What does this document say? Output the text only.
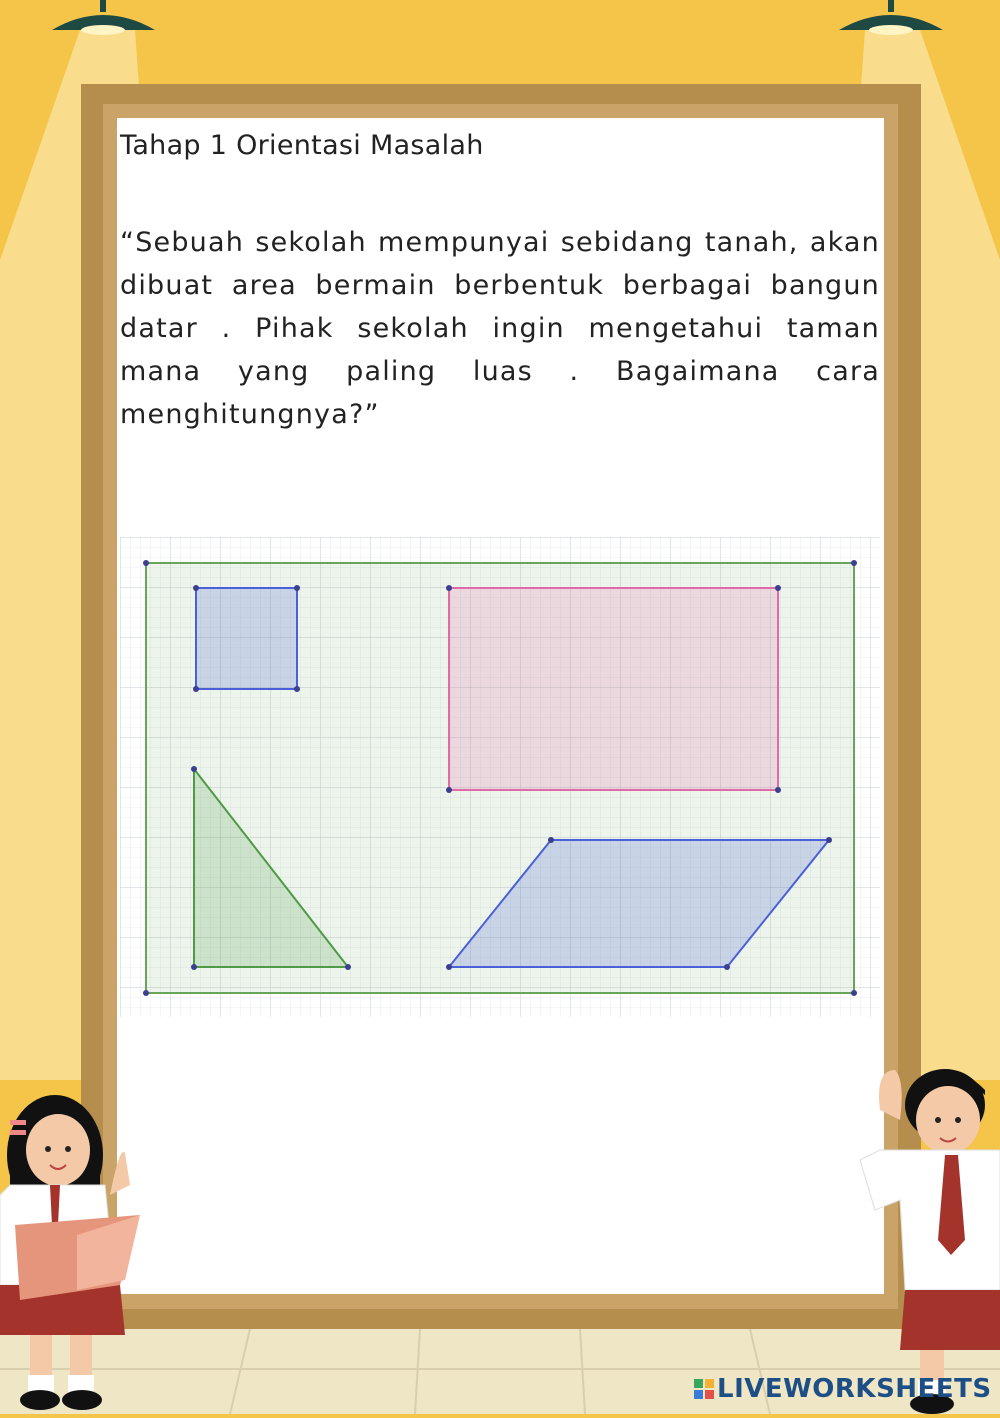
Tahap 1 Orientasi Masalah
“Sebuah sekolah mempunyai sebidang tanah, akan dibuat area bermain berbentuk berbagai bangun datar . Pihak sekolah ingin mengetahui taman mana yang paling luas . Bagaimana cara menghitungnya?”
LIVEWORKSHEETS
